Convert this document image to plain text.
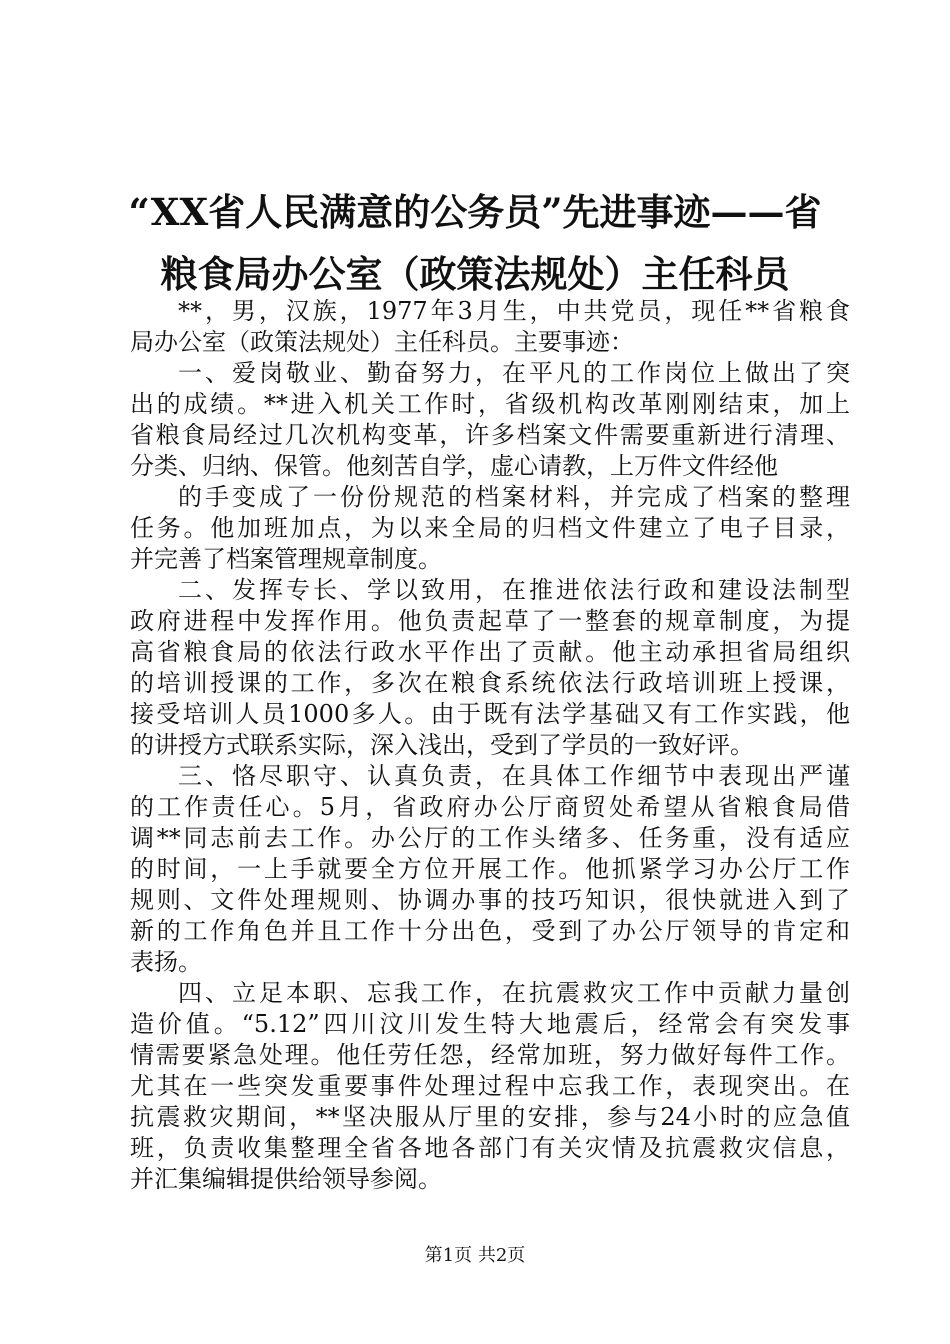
“XX省人民满意的公务员”先进事迹——省
粮食局办公室（政策法规处）主任科员
**，男，汉族，1977年3月生，中共党员，现任**省粮食
局办公室（政策法规处）主任科员。主要事迹：
一、爱岗敬业、勤奋努力，在平凡的工作岗位上做出了突
出的成绩。**进入机关工作时，省级机构改革刚刚结束，加上
省粮食局经过几次机构变革，许多档案文件需要重新进行清理、
分类、归纳、保管。他刻苦自学，虚心请教，上万件文件经他
的手变成了一份份规范的档案材料，并完成了档案的整理
任务。他加班加点，为以来全局的归档文件建立了电子目录，
并完善了档案管理规章制度。
二、发挥专长、学以致用，在推进依法行政和建设法制型
政府进程中发挥作用。他负责起草了一整套的规章制度，为提
高省粮食局的依法行政水平作出了贡献。他主动承担省局组织
的培训授课的工作，多次在粮食系统依法行政培训班上授课，
接受培训人员1000多人。由于既有法学基础又有工作实践，他
的讲授方式联系实际，深入浅出，受到了学员的一致好评。
三、恪尽职守、认真负责，在具体工作细节中表现出严谨
的工作责任心。5月，省政府办公厅商贸处希望从省粮食局借
调**同志前去工作。办公厅的工作头绪多、任务重，没有适应
的时间，一上手就要全方位开展工作。他抓紧学习办公厅工作
规则、文件处理规则、协调办事的技巧知识，很快就进入到了
新的工作角色并且工作十分出色，受到了办公厅领导的肯定和
表扬。
四、立足本职、忘我工作，在抗震救灾工作中贡献力量创
造价值。“5.12”四川汶川发生特大地震后，经常会有突发事
情需要紧急处理。他任劳任怨，经常加班，努力做好每件工作。
尤其在一些突发重要事件处理过程中忘我工作，表现突出。在
抗震救灾期间，**坚决服从厅里的安排，参与24小时的应急值
班，负责收集整理全省各地各部门有关灾情及抗震救灾信息，
并汇集编辑提供给领导参阅。
第1页 共2页
